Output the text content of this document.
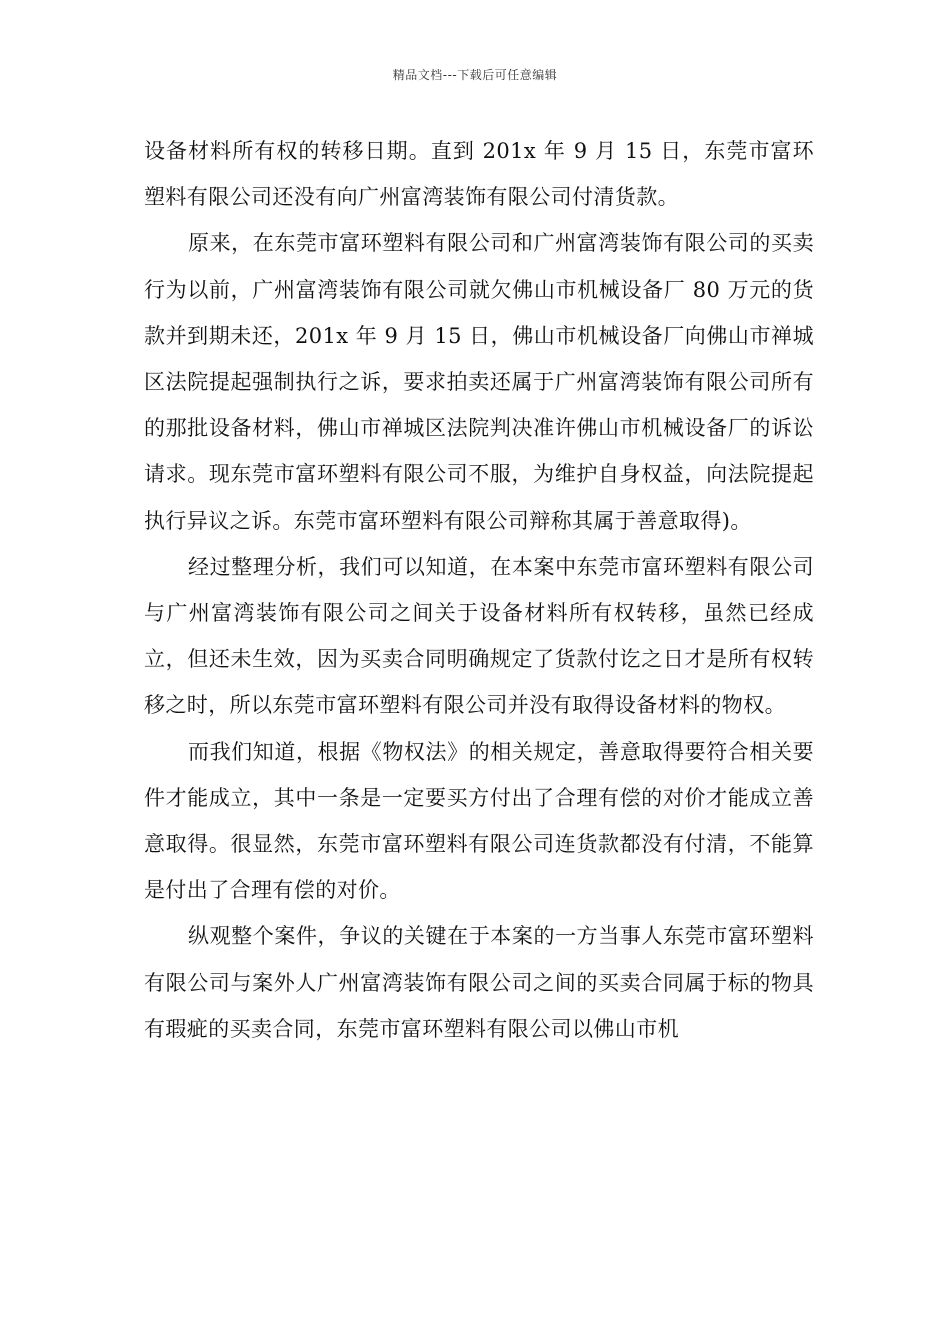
精品文档---下载后可任意编辑

设备材料所有权的转移日期。直到 201x 年 9 月 15 日，东莞市富环塑料有限公司还没有向广州富湾装饰有限公司付清货款。

原来，在东莞市富环塑料有限公司和广州富湾装饰有限公司的买卖行为以前，广州富湾装饰有限公司就欠佛山市机械设备厂 80 万元的货款并到期未还，201x 年 9 月 15 日，佛山市机械设备厂向佛山市禅城区法院提起强制执行之诉，要求拍卖还属于广州富湾装饰有限公司所有的那批设备材料，佛山市禅城区法院判决准许佛山市机械设备厂的诉讼请求。现东莞市富环塑料有限公司不服，为维护自身权益，向法院提起执行异议之诉。东莞市富环塑料有限公司辩称其属于善意取得)。

经过整理分析，我们可以知道，在本案中东莞市富环塑料有限公司与广州富湾装饰有限公司之间关于设备材料所有权转移，虽然已经成立，但还未生效，因为买卖合同明确规定了货款付讫之日才是所有权转移之时，所以东莞市富环塑料有限公司并没有取得设备材料的物权。

而我们知道，根据《物权法》的相关规定，善意取得要符合相关要件才能成立，其中一条是一定要买方付出了合理有偿的对价才能成立善意取得。很显然，东莞市富环塑料有限公司连货款都没有付清，不能算是付出了合理有偿的对价。

纵观整个案件，争议的关键在于本案的一方当事人东莞市富环塑料有限公司与案外人广州富湾装饰有限公司之间的买卖合同属于标的物具有瑕疵的买卖合同，东莞市富环塑料有限公司以佛山市机
